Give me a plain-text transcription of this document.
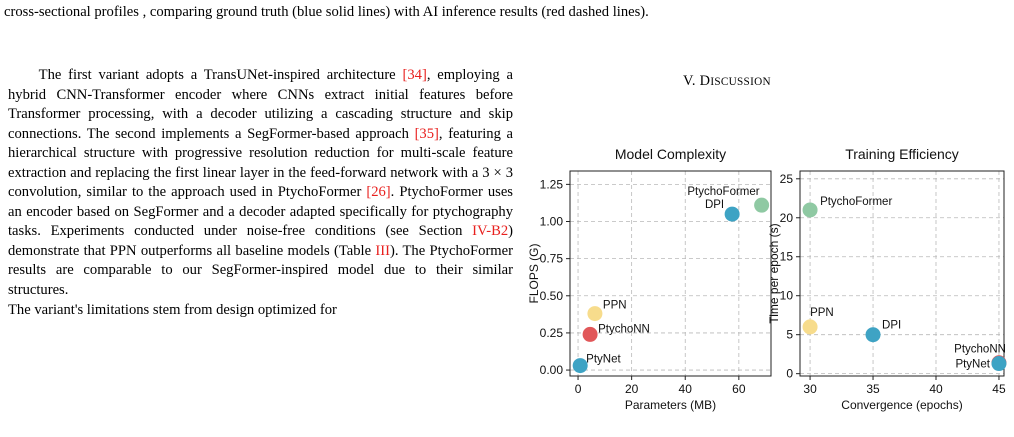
cross-sectional profiles , comparing ground truth (blue solid lines) with AI inference results (red dashed lines).

The first variant adopts a TransUNet-inspired architecture [34], employing a hybrid CNN-Transformer encoder where CNNs extract initial features before Transformer processing, with a decoder utilizing a cascading structure and skip connections. The second implements a SegFormer-based approach [35], featuring a hierarchical structure with progressive resolution reduction for multi-scale feature extraction and replacing the first linear layer in the feed-forward network with a 3 × 3 convolution, similar to the approach used in PtychoFormer [26]. PtychoFormer uses an encoder based on SegFormer and a decoder adapted specifically for ptychography tasks. Experiments conducted under noise-free conditions (see Section IV-B2) demonstrate that PPN outperforms all baseline models (Table III). The PtychoFormer results are comparable to our SegFormer-inspired model due to their similar structures.

The variant's limitations stem from design optimized for
V. DISCUSSION
0	20	40	60
0.00
0.25
0.50
0.75
1.00
1.25
Model Complexity
Parameters (MB)
FLOPS (G)
PtyNet
PtychoNN
PPN
DPI
PtychoFormer
30	35	40	45
0
5
10
15
20
25
Training Efficiency
Convergence (epochs)
Time per epoch (s)
PtychoFormer
PPN
DPI
PtychoNN
PtyNet
